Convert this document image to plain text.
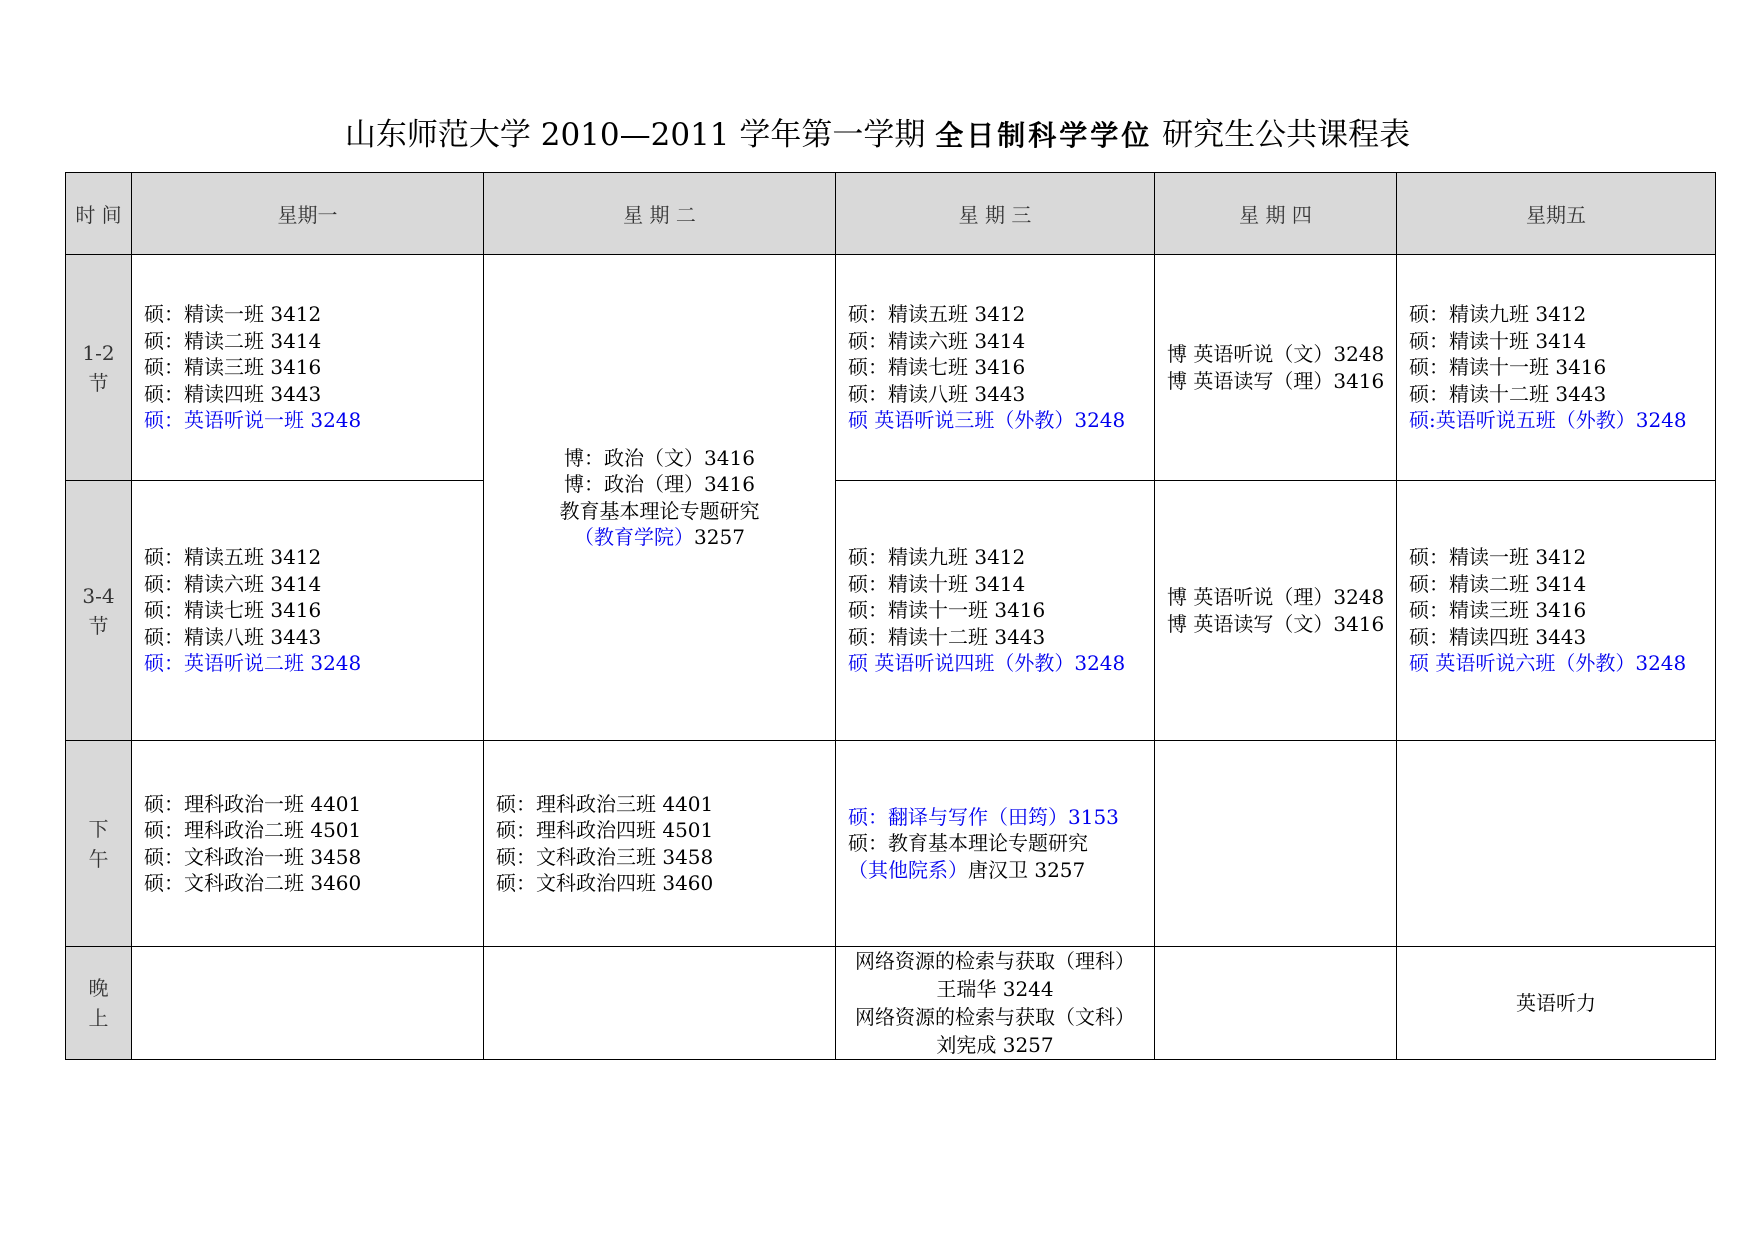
山东师范大学 2010—2011 学年第一学期 全日制科学学位 研究生公共课程表
时 间	星期一	星 期 二	星 期 三	星 期 四	星期五

1-2
节	硕：精读一班 3412
硕：精读二班 3414
硕：精读三班 3416
硕：精读四班 3443
硕：英语听说一班 3248	博：政治（文）3416
博：政治（理）3416
教育基本理论专题研究
（教育学院）3257	硕：精读五班 3412
硕：精读六班 3414
硕：精读七班 3416
硕：精读八班 3443
硕 英语听说三班（外教）3248	博 英语听说（文）3248
博 英语读写（理）3416	硕：精读九班 3412
硕：精读十班 3414
硕：精读十一班 3416
硕：精读十二班 3443
硕:英语听说五班（外教）3248

3-4
节	硕：精读五班 3412
硕：精读六班 3414
硕：精读七班 3416
硕：精读八班 3443
硕：英语听说二班 3248		硕：精读九班 3412
硕：精读十班 3414
硕：精读十一班 3416
硕：精读十二班 3443
硕 英语听说四班（外教）3248	博 英语听说（理）3248
博 英语读写（文）3416	硕：精读一班 3412
硕：精读二班 3414
硕：精读三班 3416
硕：精读四班 3443
硕 英语听说六班（外教）3248

下
午	硕：理科政治一班 4401
硕：理科政治二班 4501
硕：文科政治一班 3458
硕：文科政治二班 3460	硕：理科政治三班 4401
硕：理科政治四班 4501
硕：文科政治三班 3458
硕：文科政治四班 3460	硕：翻译与写作（田筠）3153
硕：教育基本理论专题研究
（其他院系）唐汉卫 3257		

晚
上			网络资源的检索与获取（理科）
王瑞华 3244
网络资源的检索与获取（文科）
刘宪成 3257		英语听力
